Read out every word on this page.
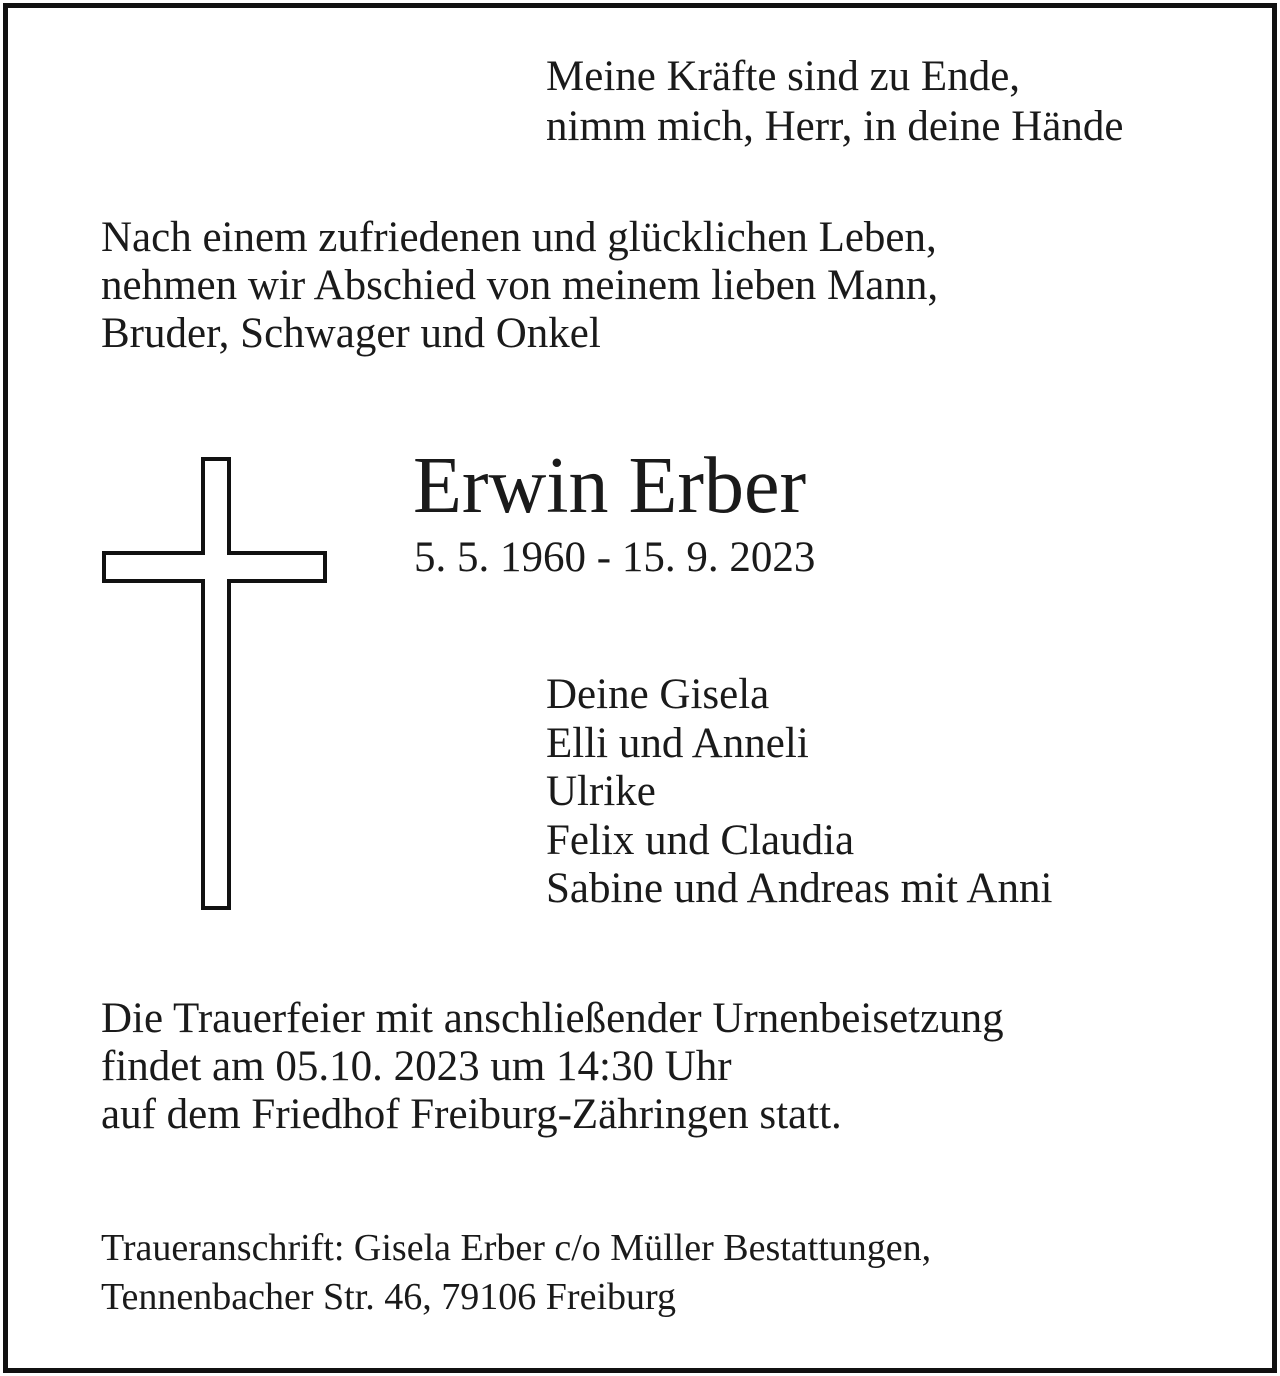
Meine Kräfte sind zu Ende,
nimm mich, Herr, in deine Hände
Nach einem zufriedenen und glücklichen Leben,
nehmen wir Abschied von meinem lieben Mann,
Bruder, Schwager und Onkel
Erwin Erber
5. 5. 1960 - 15. 9. 2023
Deine Gisela
Elli und Anneli
Ulrike
Felix und Claudia
Sabine und Andreas mit Anni
Die Trauerfeier mit anschließender Urnenbeisetzung
findet am 05.10. 2023 um 14:30 Uhr
auf dem Friedhof Freiburg-Zähringen statt.
Traueranschrift: Gisela Erber c/o Müller Bestattungen,
Tennenbacher Str. 46, 79106 Freiburg
